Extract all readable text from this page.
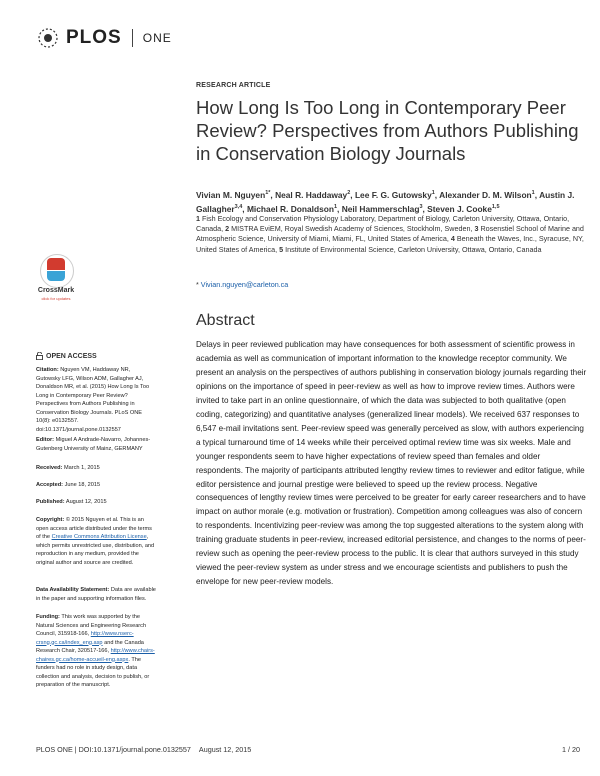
PLOS ONE
RESEARCH ARTICLE
How Long Is Too Long in Contemporary Peer Review? Perspectives from Authors Publishing in Conservation Biology Journals
Vivian M. Nguyen$^{1*}$, Neal R. Haddaway$^2$, Lee F. G. Gutowsky$^1$, Alexander D. M. Wilson$^1$, Austin J. Gallagher$^{3,4}$, Michael R. Donaldson$^1$, Neil Hammerschlag$^3$, Steven J. Cooke$^{1,5}$
1 Fish Ecology and Conservation Physiology Laboratory, Department of Biology, Carleton University, Ottawa, Ontario, Canada, 2 MISTRA EviEM, Royal Swedish Academy of Sciences, Stockholm, Sweden, 3 Rosenstiel School of Marine and Atmospheric Science, University of Miami, Miami, FL, United States of America, 4 Beneath the Waves, Inc., Syracuse, NY, United States of America, 5 Institute of Environmental Science, Carleton University, Ottawa, Ontario, Canada
* Vivian.nguyen@carleton.ca
Abstract
Delays in peer reviewed publication may have consequences for both assessment of scientific prowess in academia as well as communication of important information to the knowledge receptor community. We present an analysis on the perspectives of authors publishing in conservation biology journals regarding their opinions on the importance of speed in peer-review as well as how to improve review times. Authors were invited to take part in an online questionnaire, of which the data was subjected to both qualitative (open coding, categorizing) and quantitative analyses (generalized linear models). We received 637 responses to 6,547 e-mail invitations sent. Peer-review speed was generally perceived as slow, with authors experiencing a typical turnaround time of 14 weeks while their perceived optimal review time was six weeks. Male and younger respondents seem to have higher expectations of review speed than females and older respondents. The majority of participants attributed lengthy review times to reviewer and editor fatigue, while editor persistence and journal prestige were believed to speed up the review process. Negative consequences of lengthy review times were perceived to be greater for early career researchers and to have impact on author morale (e.g. motivation or frustration). Competition among colleagues was also of concern to respondents. Incentivizing peer-review was among the top suggested alterations to the system along with training graduate students in peer-review, increased editorial persistence, and changes to the norms of peer-review such as opening the peer-review process to the public. It is clear that authors surveyed in this study viewed the peer-review system as under stress and we encourage scientists and publishers to push the envelope for new peer-review models.
CrossMark
click for updates
OPEN ACCESS
Citation: Nguyen VM, Haddaway NR, Gutowsky LFG, Wilson ADM, Gallagher AJ, Donaldson MR, et al. (2015) How Long Is Too Long in Contemporary Peer Review? Perspectives from Authors Publishing in Conservation Biology Journals. PLoS ONE 10(8): e0132557. doi:10.1371/journal.pone.0132557
Editor: Miguel A Andrade-Navarro, Johannes-Gutenberg University of Mainz, GERMANY
Received: March 1, 2015
Accepted: June 18, 2015
Published: August 12, 2015
Copyright: © 2015 Nguyen et al. This is an open access article distributed under the terms of the Creative Commons Attribution License, which permits unrestricted use, distribution, and reproduction in any medium, provided the original author and source are credited.
Data Availability Statement: Data are available in the paper and supporting information files.
Funding: This work was supported by the Natural Sciences and Engineering Research Council, 315918-166, http://www.nserc-crsng.gc.ca/index_eng.asp and the Canada Research Chair, 320517-166, http://www.chairs-chaires.gc.ca/home-accueil-eng.aspx. The funders had no role in study design, data collection and analysis, decision to publish, or preparation of the manuscript.
PLOS ONE | DOI:10.1371/journal.pone.0132557 August 12, 2015	1 / 20
